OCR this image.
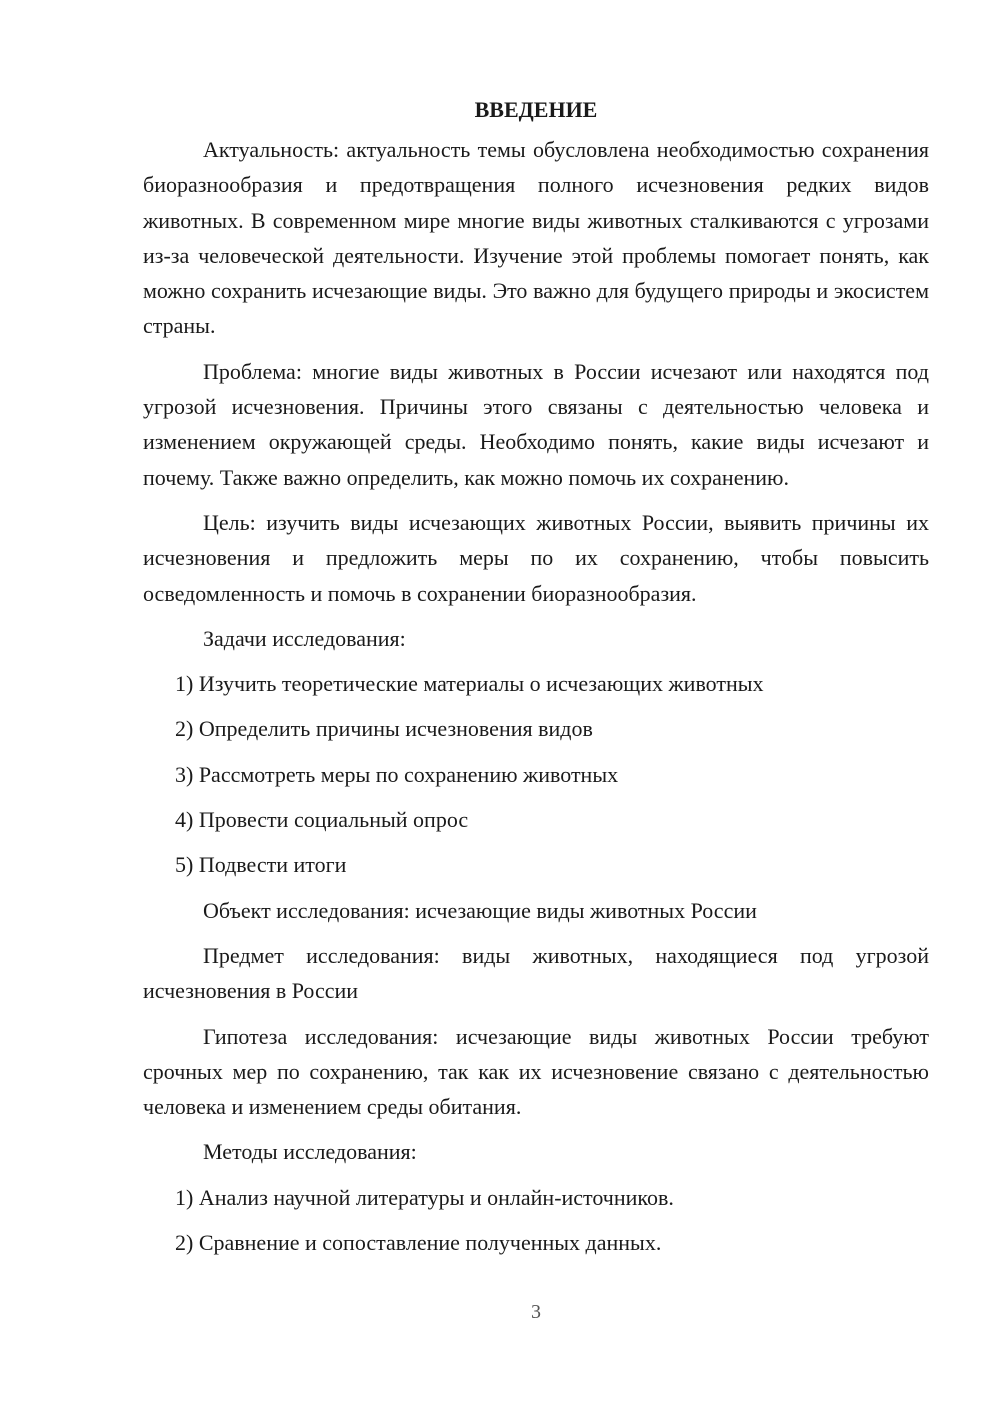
ВВЕДЕНИЕ

Актуальность: актуальность темы обусловлена необходимостью сохранения биоразнообразия и предотвращения полного исчезновения редких видов животных. В современном мире многие виды животных сталкиваются с угрозами из-за человеческой деятельности. Изучение этой проблемы помогает понять, как можно сохранить исчезающие виды. Это важно для будущего природы и экосистем страны.

Проблема: многие виды животных в России исчезают или находятся под угрозой исчезновения. Причины этого связаны с деятельностью человека и изменением окружающей среды. Необходимо понять, какие виды исчезают и почему. Также важно определить, как можно помочь их сохранению.

Цель: изучить виды исчезающих животных России, выявить причины их исчезновения и предложить меры по их сохранению, чтобы повысить осведомленность и помочь в сохранении биоразнообразия.

Задачи исследования:

1) Изучить теоретические материалы о исчезающих животных

2) Определить причины исчезновения видов

3) Рассмотреть меры по сохранению животных

4) Провести социальный опрос

5) Подвести итоги

Объект исследования: исчезающие виды животных России

Предмет исследования: виды животных, находящиеся под угрозой исчезновения в России

Гипотеза исследования: исчезающие виды животных России требуют срочных мер по сохранению, так как их исчезновение связано с деятельностью человека и изменением среды обитания.

Методы исследования:

1) Анализ научной литературы и онлайн-источников.

2) Сравнение и сопоставление полученных данных.

3
